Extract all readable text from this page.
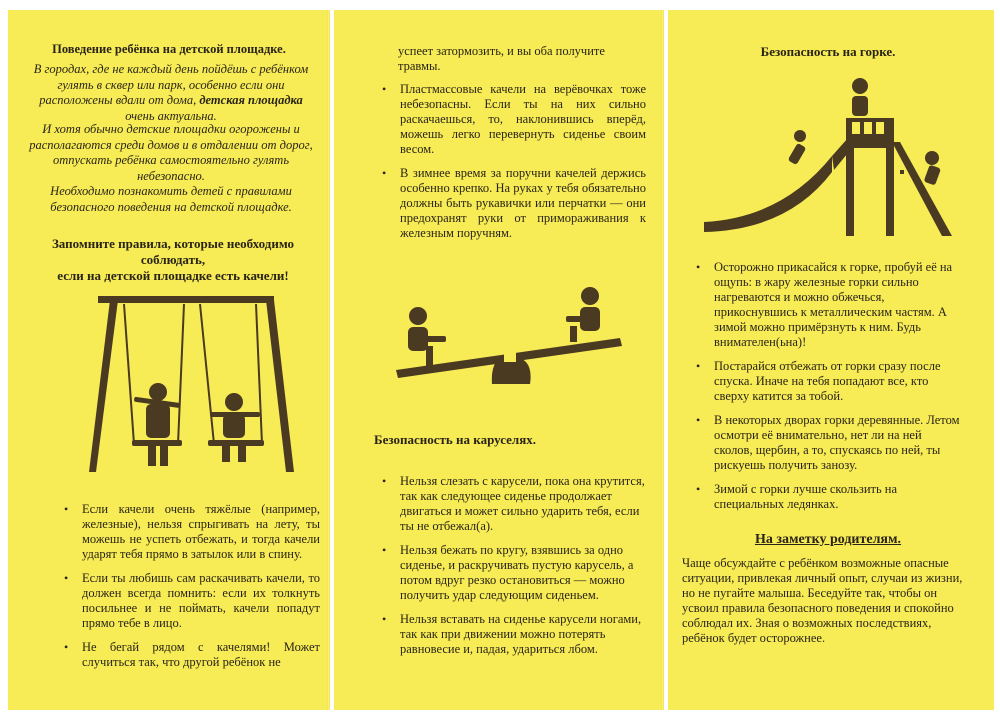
Поведение ребёнка на детской площадке.
В городах, где не каждый день пойдёшь с ребёнком гулять в сквер или парк, особенно если они расположены вдали от дома, детская площадка очень актуальна.
И хотя обычно детские площадки огорожены и располагаются среди домов и в отдалении от дорог, отпускать ребёнка самостоятельно гулять небезопасно.
Необходимо познакомить детей с правилами безопасного поведения на детской площадке.
Запомните правила, которые необходимо соблюдать,
если на детской площадке есть качели!
• Если качели очень тяжёлые (например, железные), нельзя спрыгивать на лету, ты можешь не успеть отбежать, и тогда качели ударят тебя прямо в затылок или в спину.
• Если ты любишь сам раскачивать качели, то должен всегда помнить: если их толкнуть посильнее и не поймать, качели попадут прямо тебе в лицо.
• Не бегай рядом с качелями! Может случиться так, что другой ребёнок не
успеет затормозить, и вы оба получите травмы.
• Пластмассовые качели на верёвочках тоже небезопасны. Если ты на них сильно раскачаешься, то, наклонившись вперёд, можешь легко перевернуть сиденье своим весом.
• В зимнее время за поручни качелей держись особенно крепко. На руках у тебя обязательно должны быть рукавички или перчатки — они предохранят руки от примораживания к железным поручням.
Безопасность на каруселях.
• Нельзя слезать с карусели, пока она крутится, так как следующее сиденье продолжает двигаться и может сильно ударить тебя, если ты не отбежал(а).
• Нельзя бежать по кругу, взявшись за одно сиденье, и раскручивать пустую карусель, а потом вдруг резко остановиться — можно получить удар следующим сиденьем.
• Нельзя вставать на сиденье карусели ногами, так как при движении можно потерять равновесие и, падая, удариться лбом.
Безопасность на горке.
• Осторожно прикасайся к горке, пробуй её на ощупь: в жару железные горки сильно нагреваются и можно обжечься, прикоснувшись к металлическим частям. А зимой можно примёрзнуть к ним. Будь внимателен(ьна)!
• Постарайся отбежать от горки сразу после спуска. Иначе на тебя попадают все, кто сверху катится за тобой.
• В некоторых дворах горки деревянные. Летом осмотри её внимательно, нет ли на ней сколов, щербин, а то, спускаясь по ней, ты рискуешь получить занозу.
• Зимой с горки лучше скользить на специальных ледянках.
На заметку родителям.
Чаще обсуждайте с ребёнком возможные опасные ситуации, привлекая личный опыт, случаи из жизни, но не пугайте малыша. Беседуйте так, чтобы он усвоил правила безопасного поведения и спокойно соблюдал их. Зная о возможных последствиях, ребёнок будет осторожнее.
